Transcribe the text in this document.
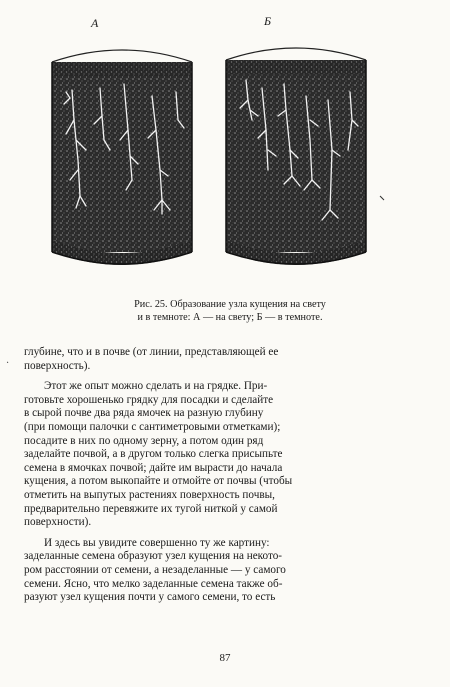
А	Б
Рис. 25. Образование узла кущения на свету
и в темноте: А — на свету; Б — в темноте.
·
глубине, что и в почве (от линии, представляющей ее
поверхность).
Этот же опыт можно сделать и на грядке. При-
готовьте хорошенько грядку для посадки и сделайте
в сырой почве два ряда ямочек на разную глубину
(при помощи палочки с сантиметровыми отметками);
посадите в них по одному зерну, а потом один ряд
заделайте почвой, а в другом только слегка присыпьте
семена в ямочках почвой; дайте им вырасти до начала
кущения, а потом выкопайте и отмойте от почвы (чтобы
отметить на выпутых растениях поверхность почвы,
предварительно перевяжите их тугой ниткой у самой
поверхности).
И здесь вы увидите совершенно ту же картину:
заделанные семена образуют узел кущения на некото-
ром расстоянии от семени, а незаделанные — у самого
семени. Ясно, что мелко заделанные семена также об-
разуют узел кущения почти у самого семени, то есть
87
